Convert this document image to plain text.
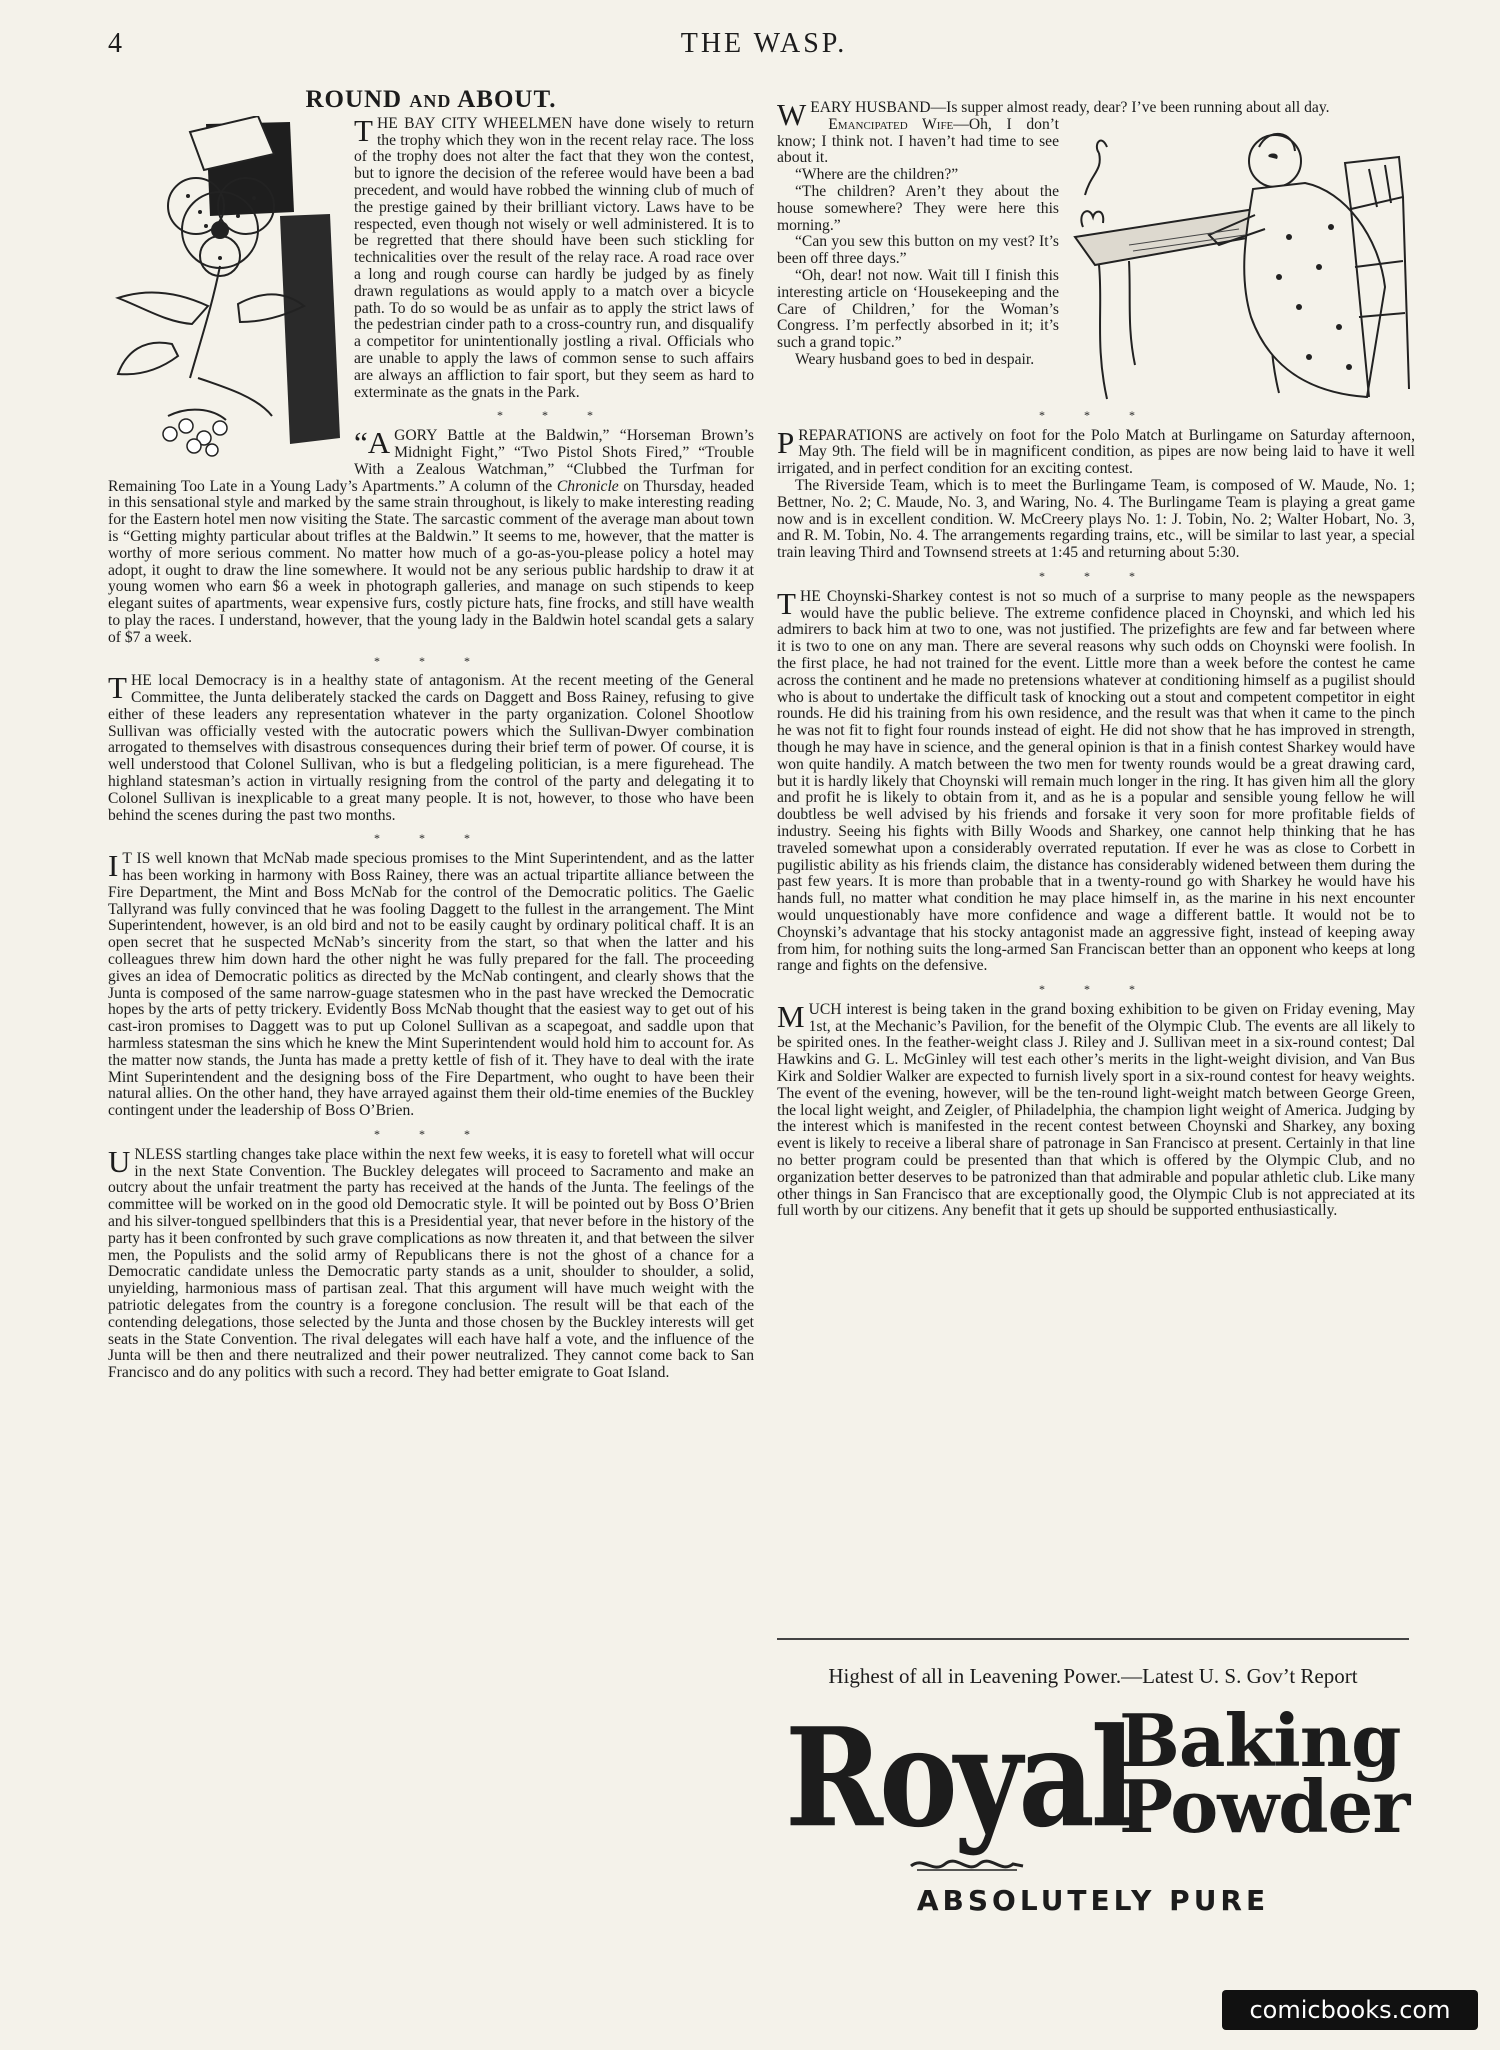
4	THE WASP.
ROUND AND ABOUT.

THE BAY CITY WHEELMEN have done wisely to return the trophy which they won in the recent relay race. The loss of the trophy does not alter the fact that they won the contest, but to ignore the decision of the referee would have been a bad precedent, and would have robbed the winning club of much of the prestige gained by their brilliant victory. Laws have to be respected, even though not wisely or well administered. It is to be regretted that there should have been such stickling for technicalities over the result of the relay race. A road race over a long and rough course can hardly be judged by as finely drawn regulations as would apply to a match over a bicycle path. To do so would be as unfair as to apply the strict laws of the pedestrian cinder path to a cross-country run, and disqualify a competitor for unintentionally jostling a rival. Officials who are unable to apply the laws of common sense to such affairs are always an affliction to fair sport, but they seem as hard to exterminate as the gnats in the Park.

* * *

“AGORY Battle at the Baldwin,” “Horseman Brown’s Midnight Fight,” “Two Pistol Shots Fired,” “Trouble With a Zealous Watchman,” “Clubbed the Turfman for Remaining Too Late in a Young Lady’s Apartments.” A column of the Chronicle on Thursday, headed in this sensational style and marked by the same strain throughout, is likely to make interesting reading for the Eastern hotel men now visiting the State. The sarcastic comment of the average man about town is “Getting mighty particular about trifles at the Baldwin.” It seems to me, however, that the matter is worthy of more serious comment. No matter how much of a go-as-you-please policy a hotel may adopt, it ought to draw the line somewhere. It would not be any serious public hardship to draw it at young women who earn $6 a week in photograph galleries, and manage on such stipends to keep elegant suites of apartments, wear expensive furs, costly picture hats, fine frocks, and still have wealth to play the races. I understand, however, that the young lady in the Baldwin hotel scandal gets a salary of $7 a week.

* * *

THE local Democracy is in a healthy state of antagonism. At the recent meeting of the General Committee, the Junta deliberately stacked the cards on Daggett and Boss Rainey, refusing to give either of these leaders any representation whatever in the party organization. Colonel Shootlow Sullivan was officially vested with the autocratic powers which the Sullivan-Dwyer combination arrogated to themselves with disastrous consequences during their brief term of power. Of course, it is well understood that Colonel Sullivan, who is but a fledgeling politician, is a mere figurehead. The highland statesman’s action in virtually resigning from the control of the party and delegating it to Colonel Sullivan is inexplicable to a great many people. It is not, however, to those who have been behind the scenes during the past two months.

* * *

I T IS well known that McNab made specious promises to the Mint Superintendent, and as the latter has been working in harmony with Boss Rainey, there was an actual tripartite alliance between the Fire Department, the Mint and Boss McNab for the control of the Democratic politics. The Gaelic Tallyrand was fully convinced that he was fooling Daggett to the fullest in the arrangement. The Mint Superintendent, however, is an old bird and not to be easily caught by ordinary political chaff. It is an open secret that he suspected McNab’s sincerity from the start, so that when the latter and his colleagues threw him down hard the other night he was fully prepared for the fall. The proceeding gives an idea of Democratic politics as directed by the McNab contingent, and clearly shows that the Junta is composed of the same narrow-guage statesmen who in the past have wrecked the Democratic hopes by the arts of petty trickery. Evidently Boss McNab thought that the easiest way to get out of his cast-iron promises to Daggett was to put up Colonel Sullivan as a scapegoat, and saddle upon that harmless statesman the sins which he knew the Mint Superintendent would hold him to account for. As the matter now stands, the Junta has made a pretty kettle of fish of it. They have to deal with the irate Mint Superintendent and the designing boss of the Fire Department, who ought to have been their natural allies. On the other hand, they have arrayed against them their old-time enemies of the Buckley contingent under the leadership of Boss O’Brien.

* * *

UNLESS startling changes take place within the next few weeks, it is easy to foretell what will occur in the next State Convention. The Buckley delegates will proceed to Sacramento and make an outcry about the unfair treatment the party has received at the hands of the Junta. The feelings of the committee will be worked on in the good old Democratic style. It will be pointed out by Boss O’Brien and his silver-tongued spellbinders that this is a Presidential year, that never before in the history of the party has it been confronted by such grave complications as now threaten it, and that between the silver men, the Populists and the solid army of Republicans there is not the ghost of a chance for a Democratic candidate unless the Democratic party stands as a unit, shoulder to shoulder, a solid, unyielding, harmonious mass of partisan zeal. That this argument will have much weight with the patriotic delegates from the country is a foregone conclusion. The result will be that each of the contending delegations, those selected by the Junta and those chosen by the Buckley interests will get seats in the State Convention. The rival delegates will each have half a vote, and the influence of the Junta will be then and there neutralized and their power neutralized. They cannot come back to San Francisco and do any politics with such a record. They had better emigrate to Goat Island.

WEARY HUSBAND—Is supper almost ready, dear? I’ve been running about all day.

Emancipated Wife—Oh, I don’t know; I think not. I haven’t had time to see about it.

“Where are the children?”

“The children? Aren’t they about the house somewhere? They were here this morning.”

“Can you sew this button on my vest? It’s been off three days.”

“Oh, dear! not now. Wait till I finish this interesting article on ‘Housekeeping and the Care of Children,’ for the Woman’s Congress. I’m perfectly absorbed in it; it’s such a grand topic.”

Weary husband goes to bed in despair.

* * *

PREPARATIONS are actively on foot for the Polo Match at Burlingame on Saturday afternoon, May 9th. The field will be in magnificent condition, as pipes are now being laid to have it well irrigated, and in perfect condition for an exciting contest.

The Riverside Team, which is to meet the Burlingame Team, is composed of W. Maude, No. 1; Bettner, No. 2; C. Maude, No. 3, and Waring, No. 4. The Burlingame Team is playing a great game now and is in excellent condition. W. McCreery plays No. 1: J. Tobin, No. 2; Walter Hobart, No. 3, and R. M. Tobin, No. 4. The arrangements regarding trains, etc., will be similar to last year, a special train leaving Third and Townsend streets at 1:45 and returning about 5:30.

* * *

THE Choynski-Sharkey contest is not so much of a surprise to many people as the newspapers would have the public believe. The extreme confidence placed in Choynski, and which led his admirers to back him at two to one, was not justified. The prizefights are few and far between where it is two to one on any man. There are several reasons why such odds on Choynski were foolish. In the first place, he had not trained for the event. Little more than a week before the contest he came across the continent and he made no pretensions whatever at conditioning himself as a pugilist should who is about to undertake the difficult task of knocking out a stout and competent competitor in eight rounds. He did his training from his own residence, and the result was that when it came to the pinch he was not fit to fight four rounds instead of eight. He did not show that he has improved in strength, though he may have in science, and the general opinion is that in a finish contest Sharkey would have won quite handily. A match between the two men for twenty rounds would be a great drawing card, but it is hardly likely that Choynski will remain much longer in the ring. It has given him all the glory and profit he is likely to obtain from it, and as he is a popular and sensible young fellow he will doubtless be well advised by his friends and forsake it very soon for more profitable fields of industry. Seeing his fights with Billy Woods and Sharkey, one cannot help thinking that he has traveled somewhat upon a considerably overrated reputation. If ever he was as close to Corbett in pugilistic ability as his friends claim, the distance has considerably widened between them during the past few years. It is more than probable that in a twenty-round go with Sharkey he would have his hands full, no matter what condition he may place himself in, as the marine in his next encounter would unquestionably have more confidence and wage a different battle. It would not be to Choynski’s advantage that his stocky antagonist made an aggressive fight, instead of keeping away from him, for nothing suits the long-armed San Franciscan better than an opponent who keeps at long range and fights on the defensive.

* * *

MUCH interest is being taken in the grand boxing exhibition to be given on Friday evening, May 1st, at the Mechanic’s Pavilion, for the benefit of the Olympic Club. The events are all likely to be spirited ones. In the feather-weight class J. Riley and J. Sullivan meet in a six-round contest; Dal Hawkins and G. L. McGinley will test each other’s merits in the light-weight division, and Van Bus Kirk and Soldier Walker are expected to furnish lively sport in a six-round contest for heavy weights. The event of the evening, however, will be the ten-round light-weight match between George Green, the local light weight, and Zeigler, of Philadelphia, the champion light weight of America. Judging by the interest which is manifested in the recent contest between Choynski and Sharkey, any boxing event is likely to receive a liberal share of patronage in San Francisco at present. Certainly in that line no better program could be presented than that which is offered by the Olympic Club, and no organization better deserves to be patronized than that admirable and popular athletic club. Like many other things in San Francisco that are exceptionally good, the Olympic Club is not appreciated at its full worth by our citizens. Any benefit that it gets up should be supported enthusiastically.

Highest of all in Leavening Power.—Latest U. S. Gov’t Report
Royal
Baking
Powder
ABSOLUTELY PURE
comicbooks.com
